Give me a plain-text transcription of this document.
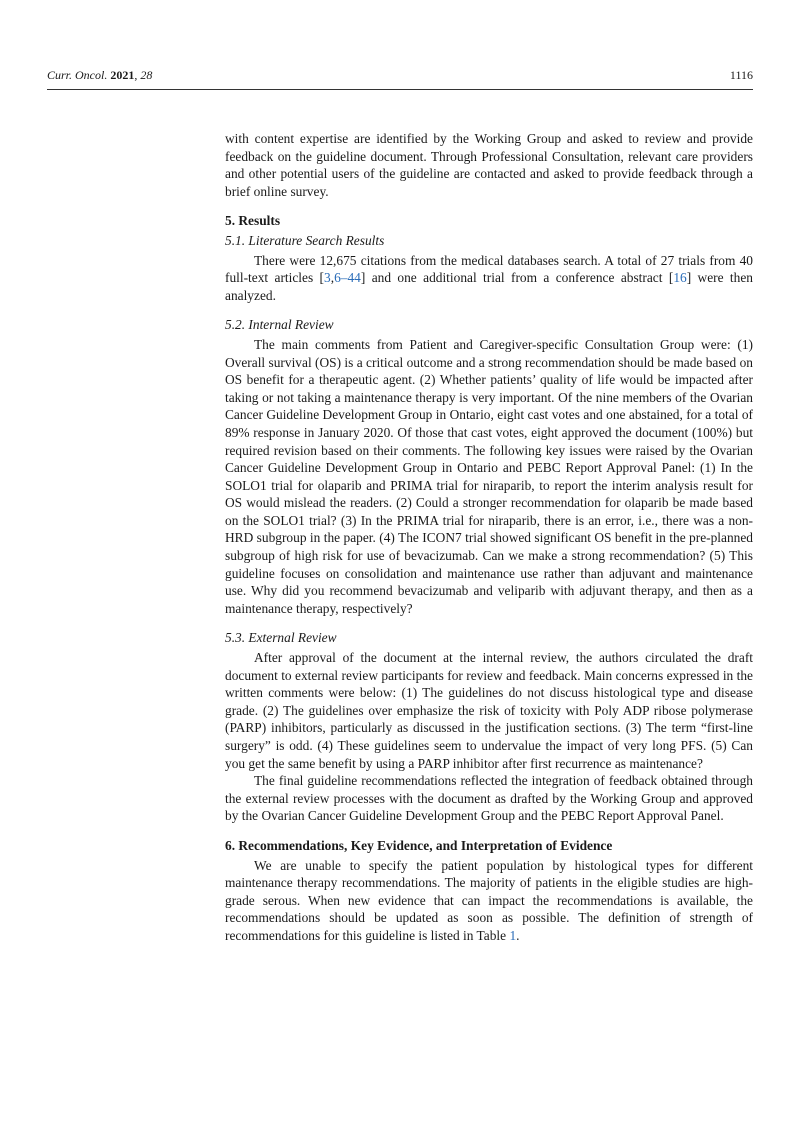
Curr. Oncol. 2021, 28	1116

with content expertise are identified by the Working Group and asked to review and provide feedback on the guideline document. Through Professional Consultation, relevant care providers and other potential users of the guideline are contacted and asked to provide feedback through a brief online survey.

5. Results

5.1. Literature Search Results

There were 12,675 citations from the medical databases search. A total of 27 trials from 40 full-text articles [3,6–44] and one additional trial from a conference abstract [16] were then analyzed.

5.2. Internal Review

The main comments from Patient and Caregiver-specific Consultation Group were: (1) Overall survival (OS) is a critical outcome and a strong recommendation should be made based on OS benefit for a therapeutic agent. (2) Whether patients’ quality of life would be impacted after taking or not taking a maintenance therapy is very important. Of the nine members of the Ovarian Cancer Guideline Development Group in Ontario, eight cast votes and one abstained, for a total of 89% response in January 2020. Of those that cast votes, eight approved the document (100%) but required revision based on their comments. The following key issues were raised by the Ovarian Cancer Guideline Development Group in Ontario and PEBC Report Approval Panel: (1) In the SOLO1 trial for olaparib and PRIMA trial for niraparib, to report the interim analysis result for OS would mislead the readers. (2) Could a stronger recommendation for olaparib be made based on the SOLO1 trial? (3) In the PRIMA trial for niraparib, there is an error, i.e., there was a non-HRD subgroup in the paper. (4) The ICON7 trial showed significant OS benefit in the pre-planned subgroup of high risk for use of bevacizumab. Can we make a strong recommendation? (5) This guideline focuses on consolidation and maintenance use rather than adjuvant and maintenance use. Why did you recommend bevacizumab and veliparib with adjuvant therapy, and then as a maintenance therapy, respectively?

5.3. External Review

After approval of the document at the internal review, the authors circulated the draft document to external review participants for review and feedback. Main concerns expressed in the written comments were below: (1) The guidelines do not discuss histological type and disease grade. (2) The guidelines over emphasize the risk of toxicity with Poly ADP ribose polymerase (PARP) inhibitors, particularly as discussed in the justification sections. (3) The term “first-line surgery” is odd. (4) These guidelines seem to undervalue the impact of very long PFS. (5) Can you get the same benefit by using a PARP inhibitor after first recurrence as maintenance?

The final guideline recommendations reflected the integration of feedback obtained through the external review processes with the document as drafted by the Working Group and approved by the Ovarian Cancer Guideline Development Group and the PEBC Report Approval Panel.

6. Recommendations, Key Evidence, and Interpretation of Evidence

We are unable to specify the patient population by histological types for different maintenance therapy recommendations. The majority of patients in the eligible studies are high-grade serous. When new evidence that can impact the recommendations is available, the recommendations should be updated as soon as possible. The definition of strength of recommendations for this guideline is listed in Table 1.
